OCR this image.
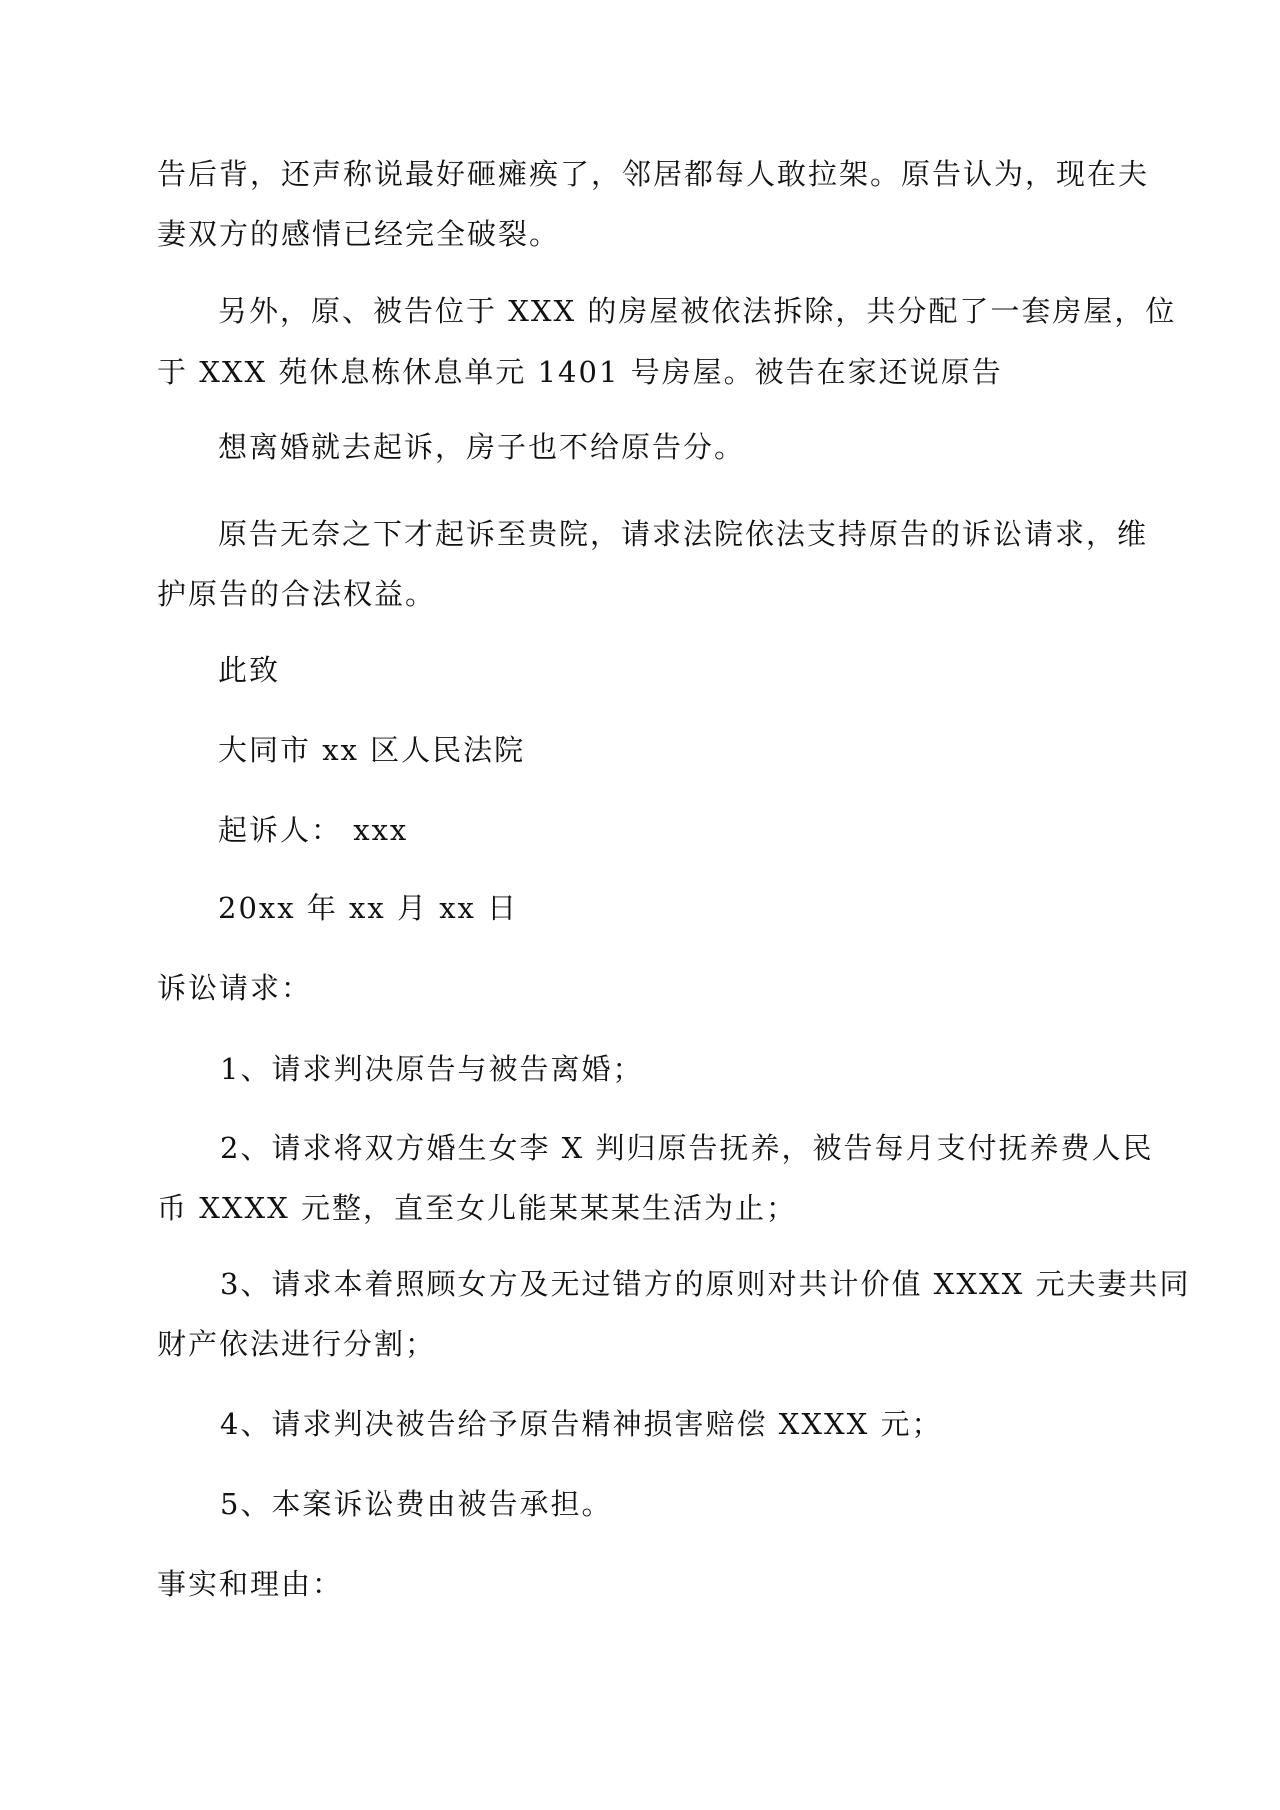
告后背，还声称说最好砸瘫痪了，邻居都每人敢拉架。原告认为，现在夫
妻双方的感情已经完全破裂。
另外，原、被告位于 XXX 的房屋被依法拆除，共分配了一套房屋，位
于 XXX 苑休息栋休息单元 1401 号房屋。被告在家还说原告
想离婚就去起诉，房子也不给原告分。
原告无奈之下才起诉至贵院，请求法院依法支持原告的诉讼请求，维
护原告的合法权益。
此致
大同市 xx 区人民法院
起诉人： xxx
20xx 年 xx 月 xx 日
诉讼请求：
1、请求判决原告与被告离婚；
2、请求将双方婚生女李 X 判归原告抚养，被告每月支付抚养费人民
币 XXXX 元整，直至女儿能某某某生活为止；
3、请求本着照顾女方及无过错方的原则对共计价值 XXXX 元夫妻共同
财产依法进行分割；
4、请求判决被告给予原告精神损害赔偿 XXXX 元；
5、本案诉讼费由被告承担。
事实和理由：
